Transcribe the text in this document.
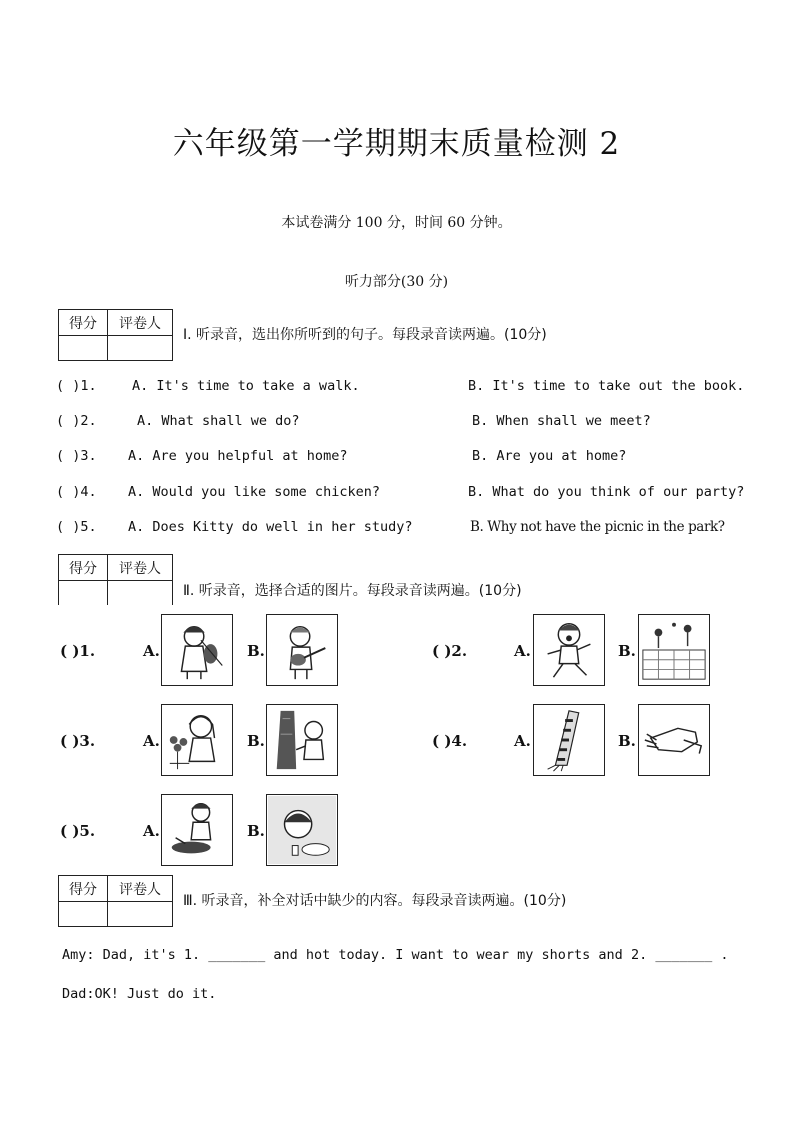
六年级第一学期期末质量检测 2
本试卷满分 100 分，时间 60 分钟。
听力部分(30 分)
得分	评卷人
Ⅰ. 听录音，选出你所听到的句子。每段录音读两遍。(10分)
( )1.	A. It's time to take a walk.	B. It's time to take out the book.
( )2.	A. What shall we do?	B. When shall we meet?
( )3. A. Are you helpful at home?	B. Are you at home?
( )4. A. Would you like some chicken?	B. What do you think of our party?
( )5. A. Does Kitty do well in her study?	B. Why not have the picnic in the park?
得分	评卷人
Ⅱ. 听录音，选择合适的图片。每段录音读两遍。(10分)
( )1.	A.	B.	( )2.	A.	B.
( )3.	A.	B.	( )4.	A.	B.
( )5.	A.	B.
得分	评卷人
Ⅲ. 听录音，补全对话中缺少的内容。每段录音读两遍。(10分)
Amy: Dad, it's 1. _______ and hot today. I want to wear my shorts and 2. _______ .
Dad:OK! Just do it.
